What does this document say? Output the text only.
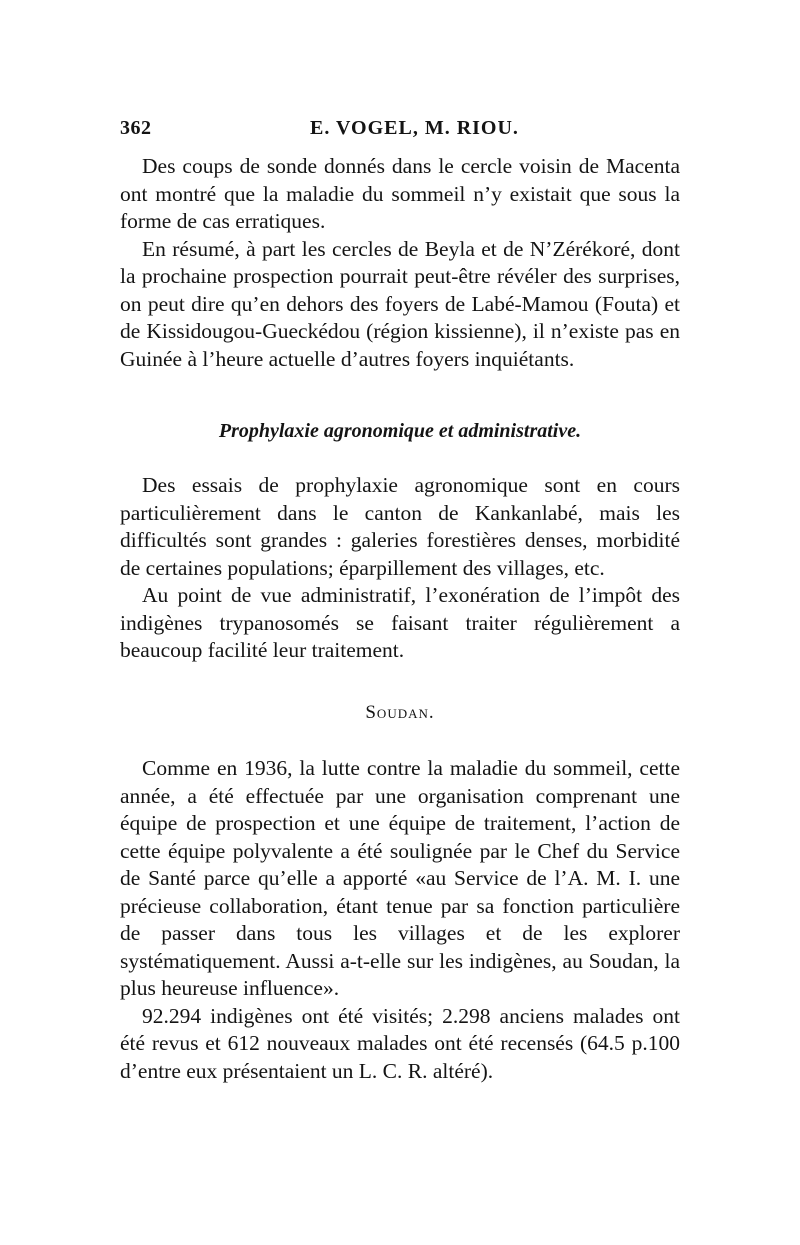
362	E. VOGEL, M. RIOU.

Des coups de sonde donnés dans le cercle voisin de Macenta ont montré que la maladie du sommeil n’y existait que sous la forme de cas erratiques.

En résumé, à part les cercles de Beyla et de N’Zérékoré, dont la prochaine prospection pourrait peut-être révéler des surprises, on peut dire qu’en dehors des foyers de Labé-Mamou (Fouta) et de Kissidougou-Gueckédou (région kissienne), il n’existe pas en Guinée à l’heure actuelle d’autres foyers inquiétants.

Prophylaxie agronomique et administrative.

Des essais de prophylaxie agronomique sont en cours particulièrement dans le canton de Kankanlabé, mais les difficultés sont grandes : galeries forestières denses, morbidité de certaines populations; éparpillement des villages, etc.

Au point de vue administratif, l’exonération de l’impôt des indigènes trypanosomés se faisant traiter régulièrement a beaucoup facilité leur traitement.

Soudan.

Comme en 1936, la lutte contre la maladie du sommeil, cette année, a été effectuée par une organisation comprenant une équipe de prospection et une équipe de traitement, l’action de cette équipe polyvalente a été soulignée par le Chef du Service de Santé parce qu’elle a apporté «au Service de l’A. M. I. une précieuse collaboration, étant tenue par sa fonction particulière de passer dans tous les villages et de les explorer systématiquement. Aussi a-t-elle sur les indigènes, au Soudan, la plus heureuse influence».

92.294 indigènes ont été visités; 2.298 anciens malades ont été revus et 612 nouveaux malades ont été recensés (64.5 p.100 d’entre eux présentaient un L. C. R. altéré).
